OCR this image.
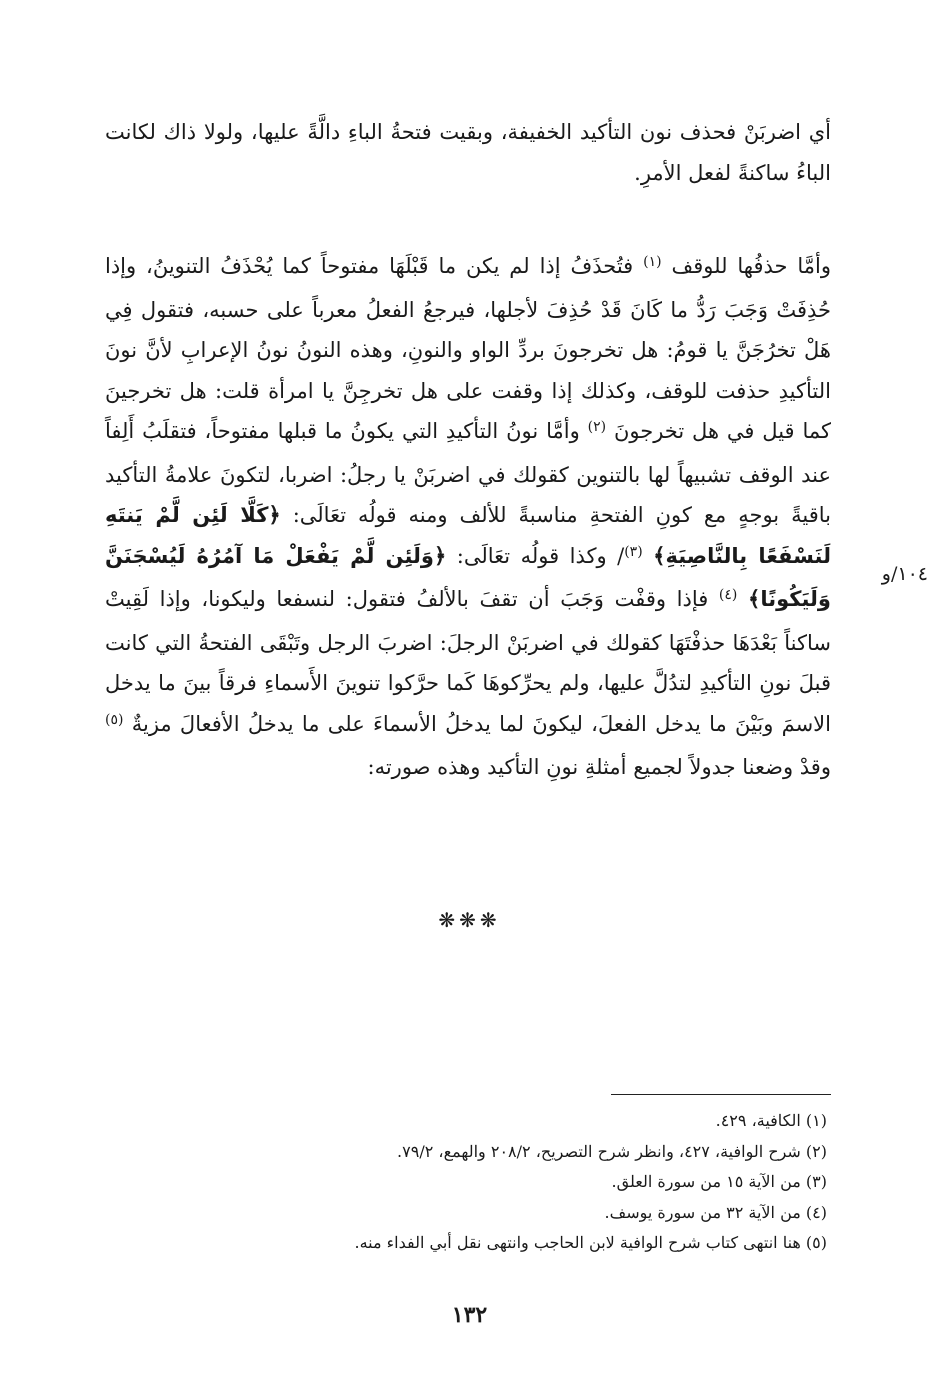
أي اضربَنْ فحذف نون التأكيد الخفيفة، وبقيت فتحةُ الباءِ دالَّةً عليها، ولولا ذاك لكانت الباءُ ساكنةً لفعل الأمرِ.

وأمَّا حذفُها للوقف $^{(١)}$ فتُحذَفُ إذا لم يكن ما قَبْلَهَا مفتوحاً كما يُحْذَفُ التنوينُ، وإذا حُذِفَتْ وَجَبَ رَدُّ ما كَانَ قَدْ حُذِفَ لأجلها، فيرجعُ الفعلُ معرباً على حسبه، فتقول فِي هَلْ تخرُجَنَّ يا قومُ: هل تخرجونَ بردِّ الواو والنونِ، وهذه النونُ نونُ الإعرابِ لأنَّ نونَ التأكيدِ حذفت للوقف، وكذلك إذا وقفت على هل تخرجِنَّ يا امرأة قلت: هل تخرجينَ كما قيل في هل تخرجونَ $^{(٢)}$ وأمَّا نونُ التأكيدِ التي يكونُ ما قبلها مفتوحاً، فتقلَبُ أَلِفاً عند الوقف تشبيهاً لها بالتنوين كقولك في اضربَنْ يا رجلُ: اضربا، لتكونَ علامةُ التأكيد باقيةً بوجهٍ مع كونِ الفتحةِ مناسبةً للألف ومنه قولُه تعَالَى: ﴿كَلَّا لَئِن لَّمْ يَنتَهِ لَنَسْفَعًا بِالنَّاصِيَةِ﴾ $^{(٣)}$/ وكذا قولُه تعَالَى: ﴿وَلَئِن لَّمْ يَفْعَلْ مَا آمُرُهُ لَيُسْجَنَنَّ وَلَيَكُونًا﴾ $^{(٤)}$ فإذا وقفْت وَجَبَ أن تقفَ بالألفُ فتقول: لنسفعا وليكونا، وإذا لَقِيتْ ساكناً بَعْدَهَا حذفْتَهَا كقولك في اضربَنْ الرجلَ: اضربَ الرجل وتَبْقَى الفتحةُ التي كانت قبلَ نونِ التأكيدِ لتدُلَّ عليها، ولم يحرِّكوهَا كَما حرَّكوا تنوينَ الأَسماءِ فرقاً بينَ ما يدخل الاسمَ وبَيْنَ ما يدخل الفعلَ، ليكونَ لما يدخلُ الأسماءَ على ما يدخلُ الأفعالَ مزيةٌ $^{(٥)}$ وقدْ وضعنا جدولاً لجميع أمثلةِ نونِ التأكيد وهذه صورته:

١٠٤/و
❋❋❋
(١) الكافية، ٤٢٩.
(٢) شرح الوافية، ٤٢٧، وانظر شرح التصريح، ٢٠٨/٢ والهمع، ٧٩/٢.
(٣) من الآية ١٥ من سورة العلق.
(٤) من الآية ٣٢ من سورة يوسف.
(٥) هنا انتهى كتاب شرح الوافية لابن الحاجب وانتهى نقل أبي الفداء منه.
١٣٢
